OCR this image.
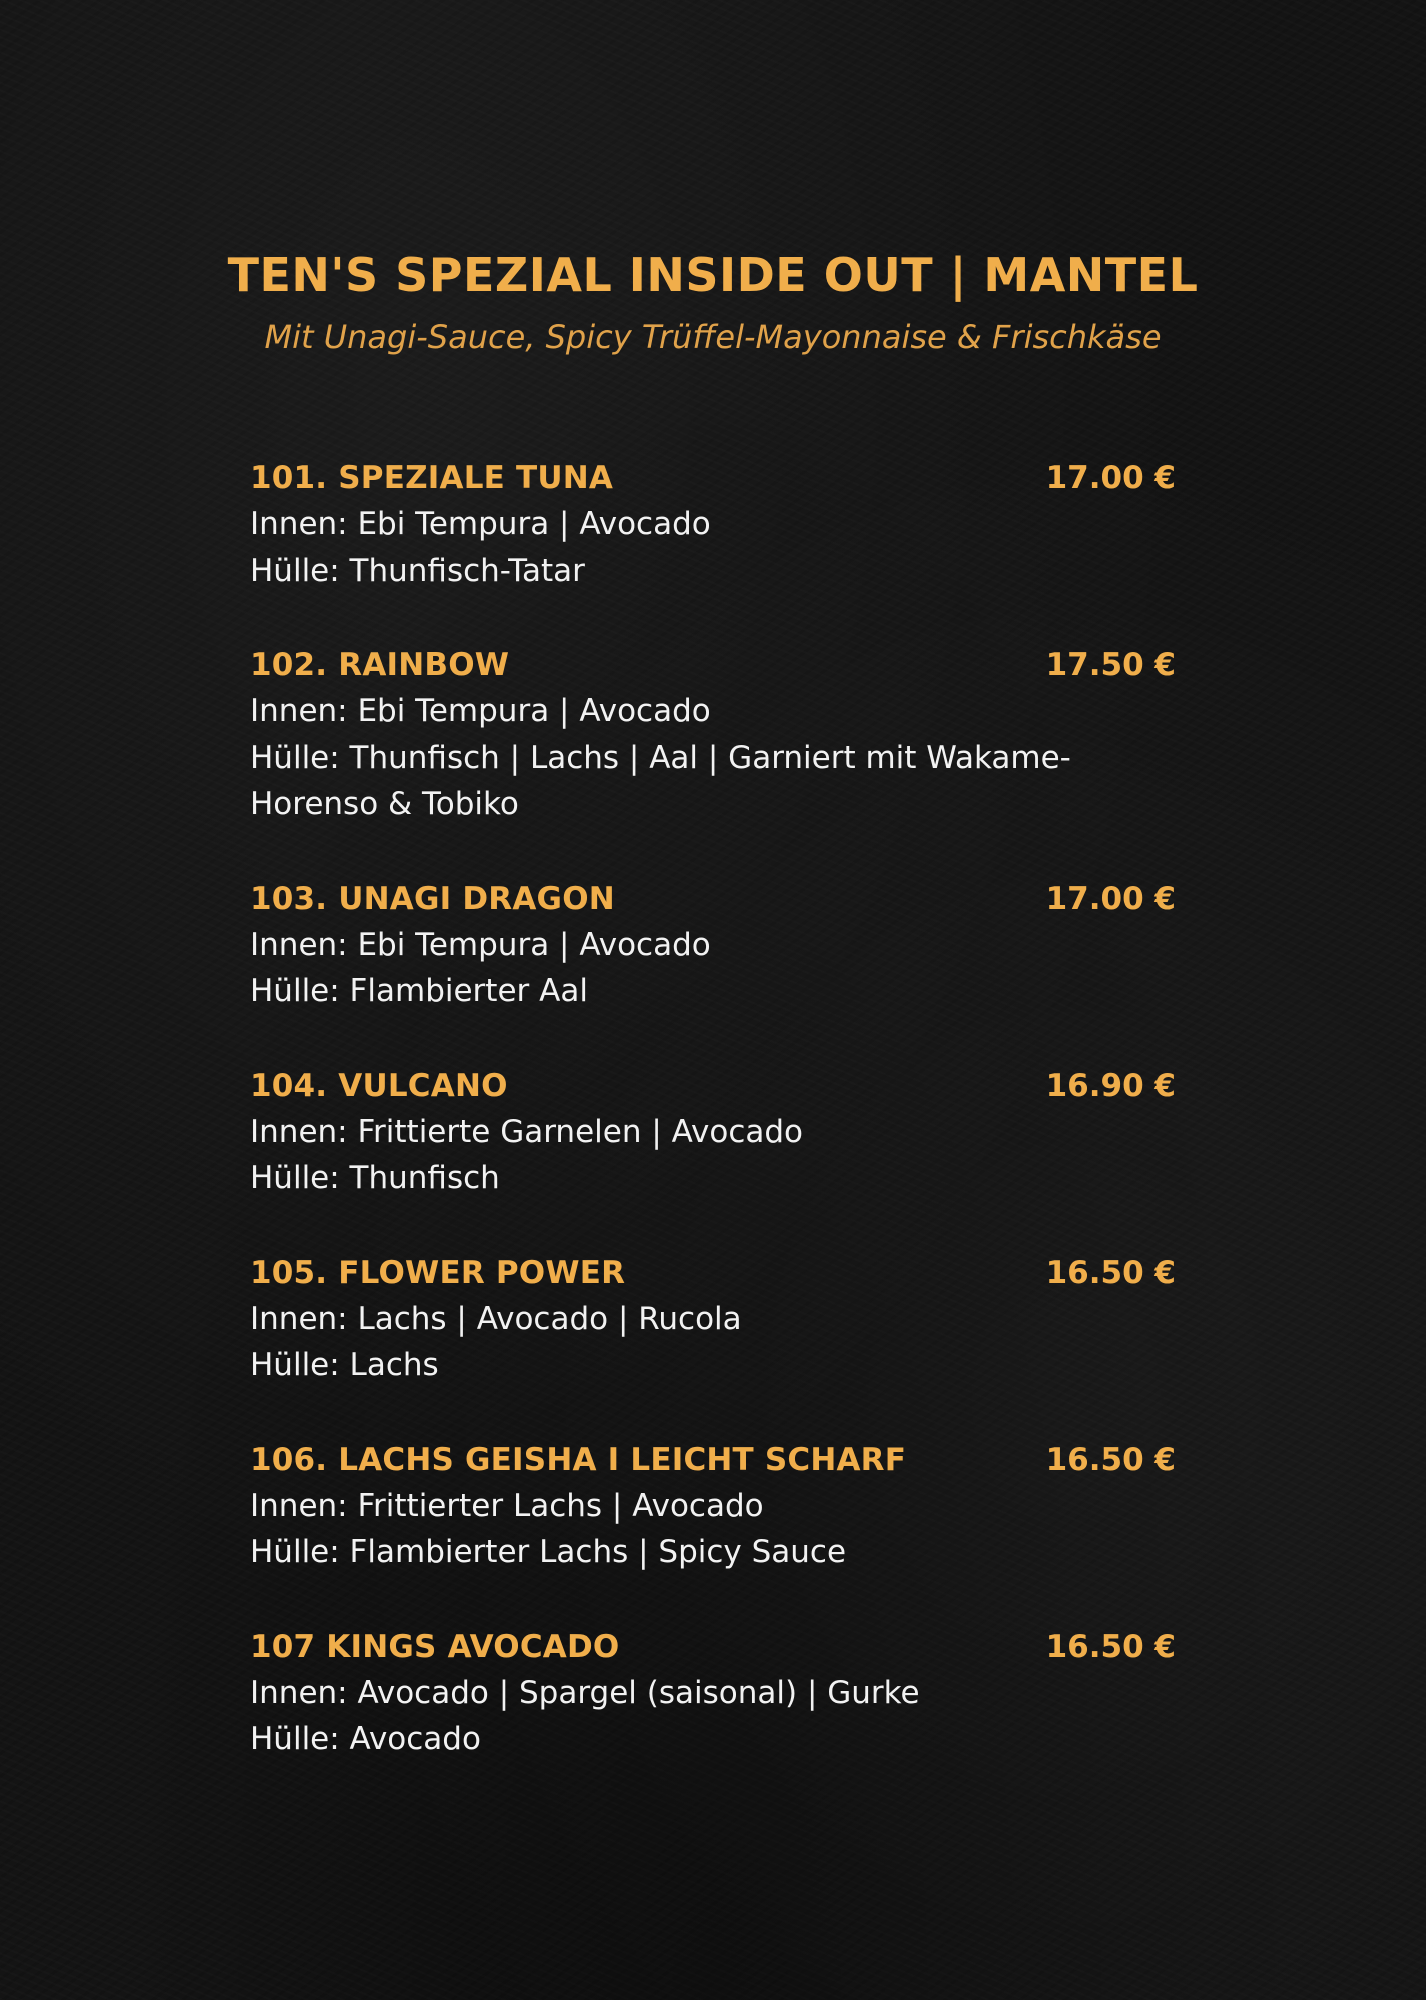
TEN'S SPEZIAL INSIDE OUT | MANTEL
Mit Unagi-Sauce, Spicy Trüffel-Mayonnaise & Frischkäse
101. SPEZIALE TUNA	17.00 €
Innen: Ebi Tempura | Avocado
Hülle: Thunfisch-Tatar
102. RAINBOW	17.50 €
Innen: Ebi Tempura | Avocado
Hülle: Thunfisch | Lachs | Aal | Garniert mit Wakame-
Horenso & Tobiko
103. UNAGI DRAGON	17.00 €
Innen: Ebi Tempura | Avocado
Hülle: Flambierter Aal
104. VULCANO	16.90 €
Innen: Frittierte Garnelen | Avocado
Hülle: Thunfisch
105. FLOWER POWER	16.50 €
Innen: Lachs | Avocado | Rucola
Hülle: Lachs
106. LACHS GEISHA I LEICHT SCHARF	16.50 €
Innen: Frittierter Lachs | Avocado
Hülle: Flambierter Lachs | Spicy Sauce
107 KINGS AVOCADO	16.50 €
Innen: Avocado | Spargel (saisonal) | Gurke
Hülle: Avocado
